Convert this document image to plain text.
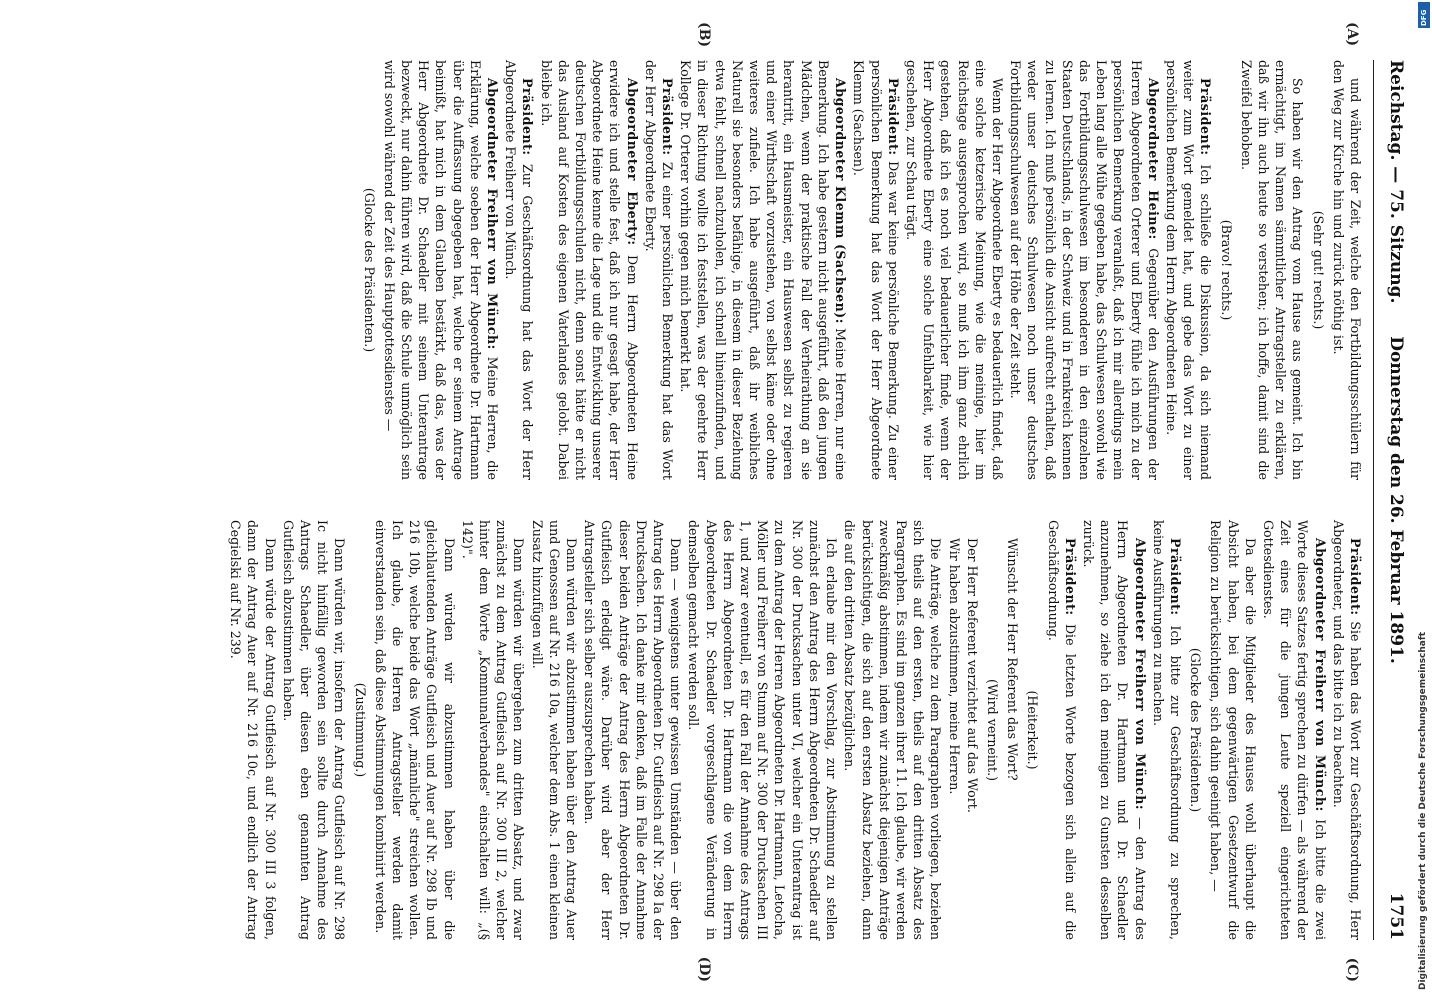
Reichstag. — 75. Sitzung.
Donnerstag den 26. Februar 1891.
1751
(A)
(B)
(C)
(D)

und während der Zeit, welche den Fortbildungsschülern für den Weg zur Kirche hin und zurück nöthig ist.

(Sehr gut! rechts.)

So haben wir den Antrag vom Hause aus gemeint. Ich bin ermächtigt, im Namen sämmtlicher Antragsteller zu erklären, daß wir ihn auch heute so verstehen; ich hoffe, damit sind die Zweifel behoben.

(Bravo! rechts.)

Präsident: Ich schließe die Diskussion, da sich niemand weiter zum Wort gemeldet hat, und gebe das Wort zu einer persönlichen Bemerkung dem Herrn Abgeordneten Heine.

Abgeordneter Heine: Gegenüber den Ausführungen der Herren Abgeordneten Orterer und Eberty fühle ich mich zu der persönlichen Bemerkung veranlaßt, daß ich mir allerdings mein Leben lang alle Mühe gegeben habe, das Schulwesen sowohl wie das Fortbildungsschulwesen im besonderen in den einzelnen Staaten Deutschlands, in der Schweiz und in Frankreich kennen zu lernen. Ich muß persönlich die Ansicht aufrecht erhalten, daß weder unser deutsches Schulwesen noch unser deutsches Fortbildungsschulwesen auf der Höhe der Zeit steht.

Wenn der Herr Abgeordnete Eberty es bedauerlich findet, daß eine solche ketzerische Meinung, wie die meinige, hier im Reichstage ausgesprochen wird, so muß ich ihm ganz ehrlich gestehen, daß ich es noch viel bedauerlicher finde, wenn der Herr Abgeordnete Eberty eine solche Unfehlbarkeit, wie hier geschehen, zur Schau trägt.

Präsident: Das war keine persönliche Bemerkung. Zu einer persönlichen Bemerkung hat das Wort der Herr Abgeordnete Klemm (Sachsen).

Abgeordneter Klemm (Sachsen): Meine Herren, nur eine Bemerkung. Ich habe gestern nicht ausgeführt, daß den jungen Mädchen, wenn der praktische Fall der Verheirathung an sie herantritt, ein Hausmeister, ein Hauswesen selbst zu regieren und einer Wirthschaft vorzustehen, von selbst käme oder ohne weiteres zufiele. Ich habe ausgeführt, daß ihr weibliches Naturell sie besonders befähige, in diesem in dieser Beziehung etwa fehlt, schnell nachzuholen, ich schnell hineinzufinden, und in dieser Richtung wollte ich feststellen, was der geehrte Herr Kollege Dr. Orterer vorhin gegen mich bemerkt hat.

Präsident: Zu einer persönlichen Bemerkung hat das Wort der Herr Abgeordnete Eberty.

Abgeordneter Eberty: Dem Herrn Abgeordneten Heine erwidere ich und stelle fest, daß ich nur gesagt habe, der Herr Abgeordnete Heine kenne die Lage und die Entwicklung unserer deutschen Fortbildungsschulen nicht, denn sonst hätte er nicht das Ausland auf Kosten des eigenen Vaterlandes gelobt. Dabei bleibe ich.

Präsident: Zur Geschäftsordnung hat das Wort der Herr Abgeordnete Freiherr von Münch.

Abgeordneter Freiherr von Münch: Meine Herren, die Erklärung, welche soeben der Herr Abgeordnete Dr. Hartmann über die Auffassung abgegeben hat, welche er seinem Antrage beimißt, hat mich in dem Glauben bestärkt, daß das, was der Herr Abgeordnete Dr. Schaedler mit seinem Unterantrage bezweckt, nur dahin führen wird, daß die Schule unmöglich sein wird sowohl während der Zeit des Hauptgottesdienstes —

(Glocke des Präsidenten.)

Präsident: Sie haben das Wort zur Geschäftsordnung, Herr Abgeordneter, und das bitte ich zu beachten.

Abgeordneter Freiherr von Münch: Ich bitte die zwei Worte dieses Satzes fertig sprechen zu dürfen — als während der Zeit eines für die jungen Leute speziell eingerichteten Gottesdienstes.

Da aber die Mitglieder des Hauses wohl überhaupt die Absicht haben, bei dem gegenwärtigen Gesetzentwurf die Religion zu berücksichtigen, sich dahin geeinigt haben, —

(Glocke des Präsidenten.)

Präsident: Ich bitte zur Geschäftsordnung zu sprechen, keine Ausführungen zu machen.

Abgeordneter Freiherr von Münch: — den Antrag des Herrn Abgeordneten Dr. Hartmann und Dr. Schaedler anzunehmen, so ziehe ich den meinigen zu Gunsten desselben zurück.

Präsident: Die letzten Worte bezogen sich allein auf die Geschäftsordnung.

(Heiterkeit.)

Wünscht der Herr Referent das Wort?

(Wird verneint.)

Der Herr Referent verzichtet auf das Wort.

Wir haben abzustimmen, meine Herren.

Die Anträge, welche zu dem Paragraphen vorliegen, beziehen sich theils auf den ersten, theils auf den dritten Absatz des Paragraphen. Es sind im ganzen ihrer 11. Ich glaube, wir werden zweckmäßig abstimmen, indem wir zunächst diejenigen Anträge berücksichtigen, die sich auf den ersten Absatz beziehen, dann die auf den dritten Absatz bezüglichen.

Ich erlaube mir den Vorschlag, zur Abstimmung zu stellen zunächst den Antrag des Herrn Abgeordneten Dr. Schaedler auf Nr. 300 der Drucksachen unter VI, welcher ein Unterantrag ist zu dem Antrag der Herren Abgeordneten Dr. Hartmann, Letocha, Möller und Freiherr von Stumm auf Nr. 300 der Drucksachen III 1, und zwar eventuell, es für den Fall der Annahme des Antrags des Herrn Abgeordneten Dr. Hartmann die von dem Herrn Abgeordneten Dr. Schaedler vorgeschlagene Veränderung in demselben gemacht werden soll.

Dann — wenigstens unter gewissen Umständen — über den Antrag des Herrn Abgeordneten Dr. Gutfleisch auf Nr. 298 Ia der Drucksachen. Ich danke mir denken, daß im Falle der Annahme dieser beiden Anträge der Antrag des Herrn Abgeordneten Dr. Gutfleisch erledigt wäre. Darüber wird aber der Herr Antragsteller sich selber auszusprechen haben.

Dann würden wir abzustimmen haben über den Antrag Auer und Genossen auf Nr. 216 10a, welcher dem Abs. 1 einen kleinen Zusatz hinzufügen will.

Dann würden wir übergehen zum dritten Absatz, und zwar zunächst zu dem Antrag Gutfleisch auf Nr. 300 III 2, welcher hinter dem Worte „Kommunalverbandes" einschalten will: „(§ 142)".

Dann würden wir abzustimmen haben über die gleichlautenden Anträge Gutfleisch und Auer auf Nr. 298 Ib und 216 10b, welche beide das Wort „männliche" streichen wollen. Ich glaube, die Herren Antragsteller werden damit einverstanden sein, daß diese Abstimmungen kombinirt werden.

(Zustimmung.)

Dann würden wir, insofern der Antrag Gutfleisch auf Nr. 298 Ic nicht hinfällig geworden sein sollte durch Annahme des Antrags Schaedler, über diesen eben genannten Antrag Gutfleisch abzustimmen haben.

Dann würde der Antrag Gutfleisch auf Nr. 300 III 3 folgen, dann der Antrag Auer auf Nr. 216 10c, und endlich der Antrag Cegielski auf Nr. 239.

Digitalisierung gefördert durch die Deutsche Forschungsgemeinschaft
DFG
